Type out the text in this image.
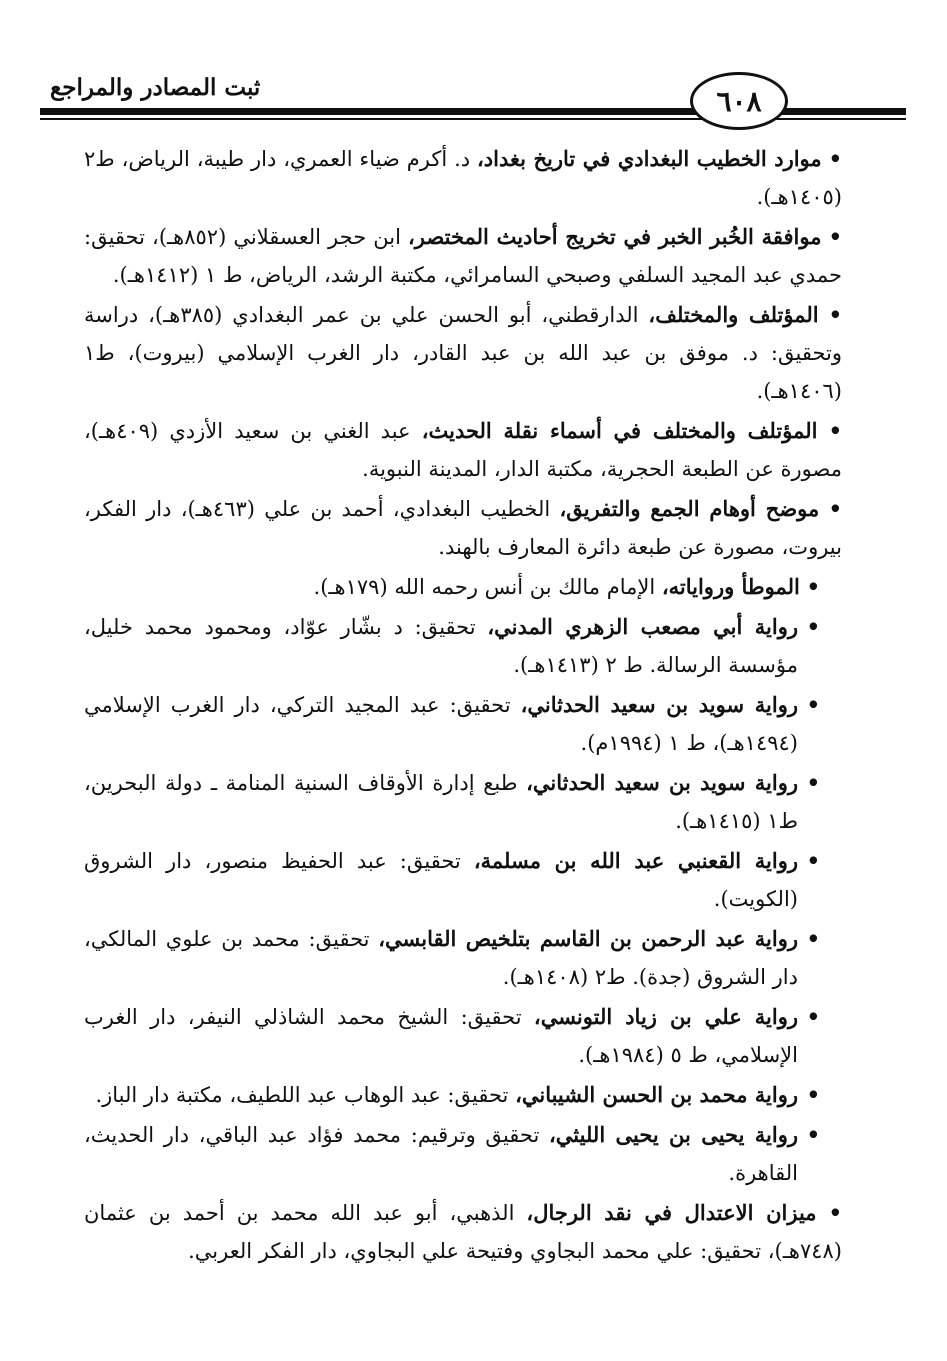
ثبت المصادر والمراجع	٦٠٨

• موارد الخطيب البغدادي في تاريخ بغداد، د. أكرم ضياء العمري، دار طيبة، الرياض، ط٢ (١٤٠٥هـ).

• موافقة الخُبر الخبر في تخريج أحاديث المختصر، ابن حجر العسقلاني (٨٥٢هـ)، تحقيق: حمدي عبد المجيد السلفي وصبحي السامرائي، مكتبة الرشد، الرياض، ط ١ (١٤١٢هـ).

• المؤتلف والمختلف، الدارقطني، أبو الحسن علي بن عمر البغدادي (٣٨٥هـ)، دراسة وتحقيق: د. موفق بن عبد الله بن عبد القادر، دار الغرب الإسلامي (بيروت)، ط١ (١٤٠٦هـ).

• المؤتلف والمختلف في أسماء نقلة الحديث، عبد الغني بن سعيد الأزدي (٤٠٩هـ)، مصورة عن الطبعة الحجرية، مكتبة الدار، المدينة النبوية.

• موضح أوهام الجمع والتفريق، الخطيب البغدادي، أحمد بن علي (٤٦٣هـ)، دار الفكر، بيروت، مصورة عن طبعة دائرة المعارف بالهند.

• الموطأ ورواياته، الإمام مالك بن أنس رحمه الله (١٧٩هـ).

•
رواية أبي مصعب الزهري المدني، تحقيق: د بشّار عوّاد، ومحمود محمد خليل، مؤسسة الرسالة. ط ٢ (١٤١٣هـ).

•
رواية سويد بن سعيد الحدثاني، تحقيق: عبد المجيد التركي، دار الغرب الإسلامي (١٤٩٤هـ)، ط ١ (١٩٩٤م).

•
رواية سويد بن سعيد الحدثاني، طبع إدارة الأوقاف السنية المنامة ـ دولة البحرين، ط١ (١٤١٥هـ).

•
رواية القعنبي عبد الله بن مسلمة، تحقيق: عبد الحفيظ منصور، دار الشروق (الكويت).

•
رواية عبد الرحمن بن القاسم بتلخيص القابسي، تحقيق: محمد بن علوي المالكي، دار الشروق (جدة). ط٢ (١٤٠٨هـ).

•
رواية علي بن زياد التونسي، تحقيق: الشيخ محمد الشاذلي النيفر، دار الغرب الإسلامي، ط ٥ (١٩٨٤هـ).

•
رواية محمد بن الحسن الشيباني، تحقيق: عبد الوهاب عبد اللطيف، مكتبة دار الباز.

•
رواية يحيى بن يحيى الليثي، تحقيق وترقيم: محمد فؤاد عبد الباقي، دار الحديث، القاهرة.

• ميزان الاعتدال في نقد الرجال، الذهبي، أبو عبد الله محمد بن أحمد بن عثمان (٧٤٨هـ)، تحقيق: علي محمد البجاوي وفتيحة علي البجاوي، دار الفكر العربي.
